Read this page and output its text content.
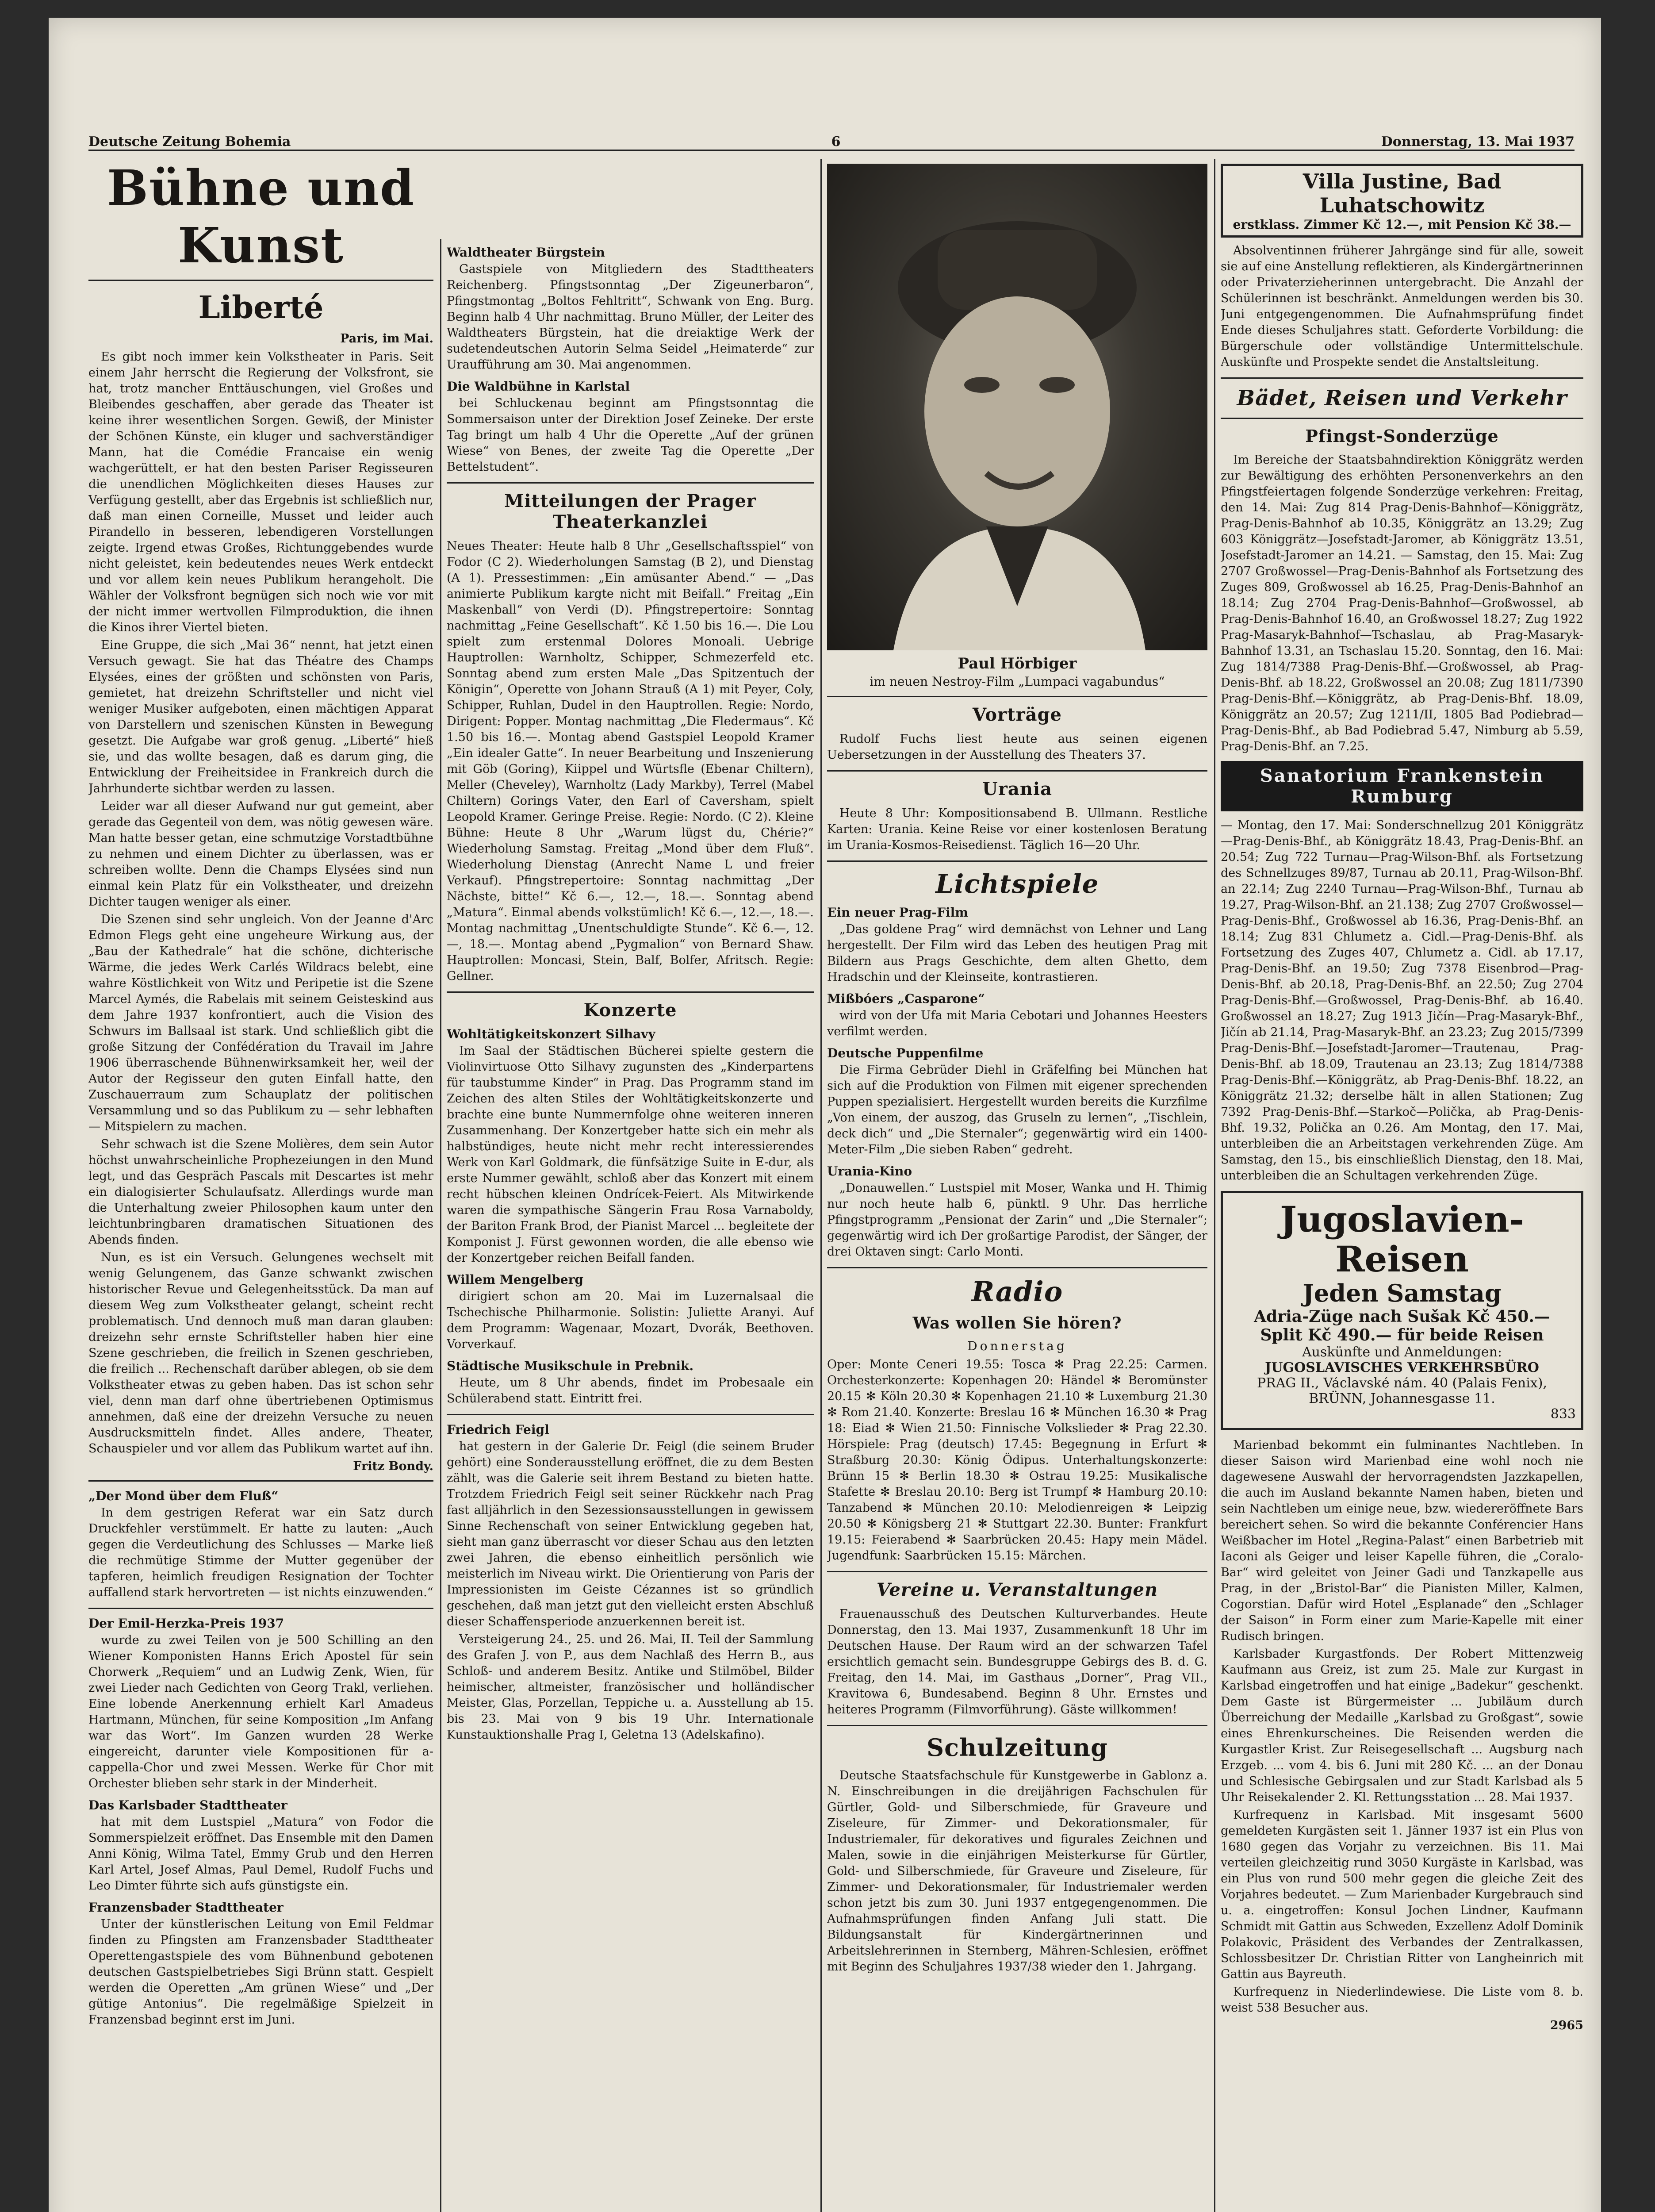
Deutsche Zeitung Bohemia	6	Donnerstag, 13. Mai 1937
Bühne und Kunst
Liberté
Paris, im Mai.

Es gibt noch immer kein Volkstheater in Paris. Seit einem Jahr herrscht die Regierung der Volksfront, sie hat, trotz mancher Enttäuschungen, viel Großes und Bleibendes geschaffen, aber gerade das Theater ist keine ihrer wesentlichen Sorgen. Gewiß, der Minister der Schönen Künste, ein kluger und sachverständiger Mann, hat die Comédie Francaise ein wenig wachgerüttelt, er hat den besten Pariser Regisseuren die unendlichen Möglichkeiten dieses Hauses zur Verfügung gestellt, aber das Ergebnis ist schließlich nur, daß man einen Corneille, Musset und leider auch Pirandello in besseren, lebendigeren Vorstellungen zeigte. Irgend etwas Großes, Richtunggebendes wurde nicht geleistet, kein bedeutendes neues Werk entdeckt und vor allem kein neues Publikum herangeholt. Die Wähler der Volksfront begnügen sich noch wie vor mit der nicht immer wertvollen Filmproduktion, die ihnen die Kinos ihrer Viertel bieten.

Eine Gruppe, die sich „Mai 36“ nennt, hat jetzt einen Versuch gewagt. Sie hat das Théatre des Champs Elysées, eines der größten und schönsten von Paris, gemietet, hat dreizehn Schriftsteller und nicht viel weniger Musiker aufgeboten, einen mächtigen Apparat von Darstellern und szenischen Künsten in Bewegung gesetzt. Die Aufgabe war groß genug. „Liberté“ hieß sie, und das wollte besagen, daß es darum ging, die Entwicklung der Freiheitsidee in Frankreich durch die Jahrhunderte sichtbar werden zu lassen.

Leider war all dieser Aufwand nur gut gemeint, aber gerade das Gegenteil von dem, was nötig gewesen wäre. Man hatte besser getan, eine schmutzige Vorstadtbühne zu nehmen und einem Dichter zu überlassen, was er schreiben wollte. Denn die Champs Elysées sind nun einmal kein Platz für ein Volkstheater, und dreizehn Dichter taugen weniger als einer.

Die Szenen sind sehr ungleich. Von der Jeanne d'Arc Edmon Flegs geht eine ungeheure Wirkung aus, der „Bau der Kathedrale“ hat die schöne, dichterische Wärme, die jedes Werk Carlés Wildracs belebt, eine wahre Köstlichkeit von Witz und Peripetie ist die Szene Marcel Aymés, die Rabelais mit seinem Geisteskind aus dem Jahre 1937 konfrontiert, auch die Vision des Schwurs im Ballsaal ist stark. Und schließlich gibt die große Sitzung der Confédération du Travail im Jahre 1906 überraschende Bühnenwirksamkeit her, weil der Autor der Regisseur den guten Einfall hatte, den Zuschauerraum zum Schauplatz der politischen Versammlung und so das Publikum zu — sehr lebhaften — Mitspielern zu machen.

Sehr schwach ist die Szene Molières, dem sein Autor höchst unwahrscheinliche Prophezeiungen in den Mund legt, und das Gespräch Pascals mit Descartes ist mehr ein dialogisierter Schulaufsatz. Allerdings wurde man die Unterhaltung zweier Philosophen kaum unter den leichtunbringbaren dramatischen Situationen des Abends finden.

Nun, es ist ein Versuch. Gelungenes wechselt mit wenig Gelungenem, das Ganze schwankt zwischen historischer Revue und Gelegenheitsstück. Da man auf diesem Weg zum Volkstheater gelangt, scheint recht problematisch. Und dennoch muß man daran glauben: dreizehn sehr ernste Schriftsteller haben hier eine Szene geschrieben, die freilich in Szenen geschrieben, die freilich ... Rechenschaft darüber ablegen, ob sie dem Volkstheater etwas zu geben haben. Das ist schon sehr viel, denn man darf ohne übertriebenen Optimismus annehmen, daß eine der dreizehn Versuche zu neuen Ausdrucksmitteln findet. Alles andere, Theater, Schauspieler und vor allem das Publikum wartet auf ihn.

Fritz Bondy.
„Der Mond über dem Fluß“

In dem gestrigen Referat war ein Satz durch Druckfehler verstümmelt. Er hatte zu lauten: „Auch gegen die Verdeutlichung des Schlusses — Marke ließ die rechmütige Stimme der Mutter gegenüber der tapferen, heimlich freudigen Resignation der Tochter auffallend stark hervortreten — ist nichts einzuwenden.“

Der Emil-Herzka-Preis 1937

wurde zu zwei Teilen von je 500 Schilling an den Wiener Komponisten Hanns Erich Apostel für sein Chorwerk „Requiem“ und an Ludwig Zenk, Wien, für zwei Lieder nach Gedichten von Georg Trakl, verliehen. Eine lobende Anerkennung erhielt Karl Amadeus Hartmann, München, für seine Komposition „Im Anfang war das Wort“. Im Ganzen wurden 28 Werke eingereicht, darunter viele Kompositionen für a-cappella-Chor und zwei Messen. Werke für Chor mit Orchester blieben sehr stark in der Minderheit.

Das Karlsbader Stadttheater

hat mit dem Lustspiel „Matura“ von Fodor die Sommerspielzeit eröffnet. Das Ensemble mit den Damen Anni König, Wilma Tatel, Emmy Grub und den Herren Karl Artel, Josef Almas, Paul Demel, Rudolf Fuchs und Leo Dimter führte sich aufs günstigste ein.

Franzensbader Stadttheater

Unter der künstlerischen Leitung von Emil Feldmar finden zu Pfingsten am Franzensbader Stadttheater Operettengastspiele des vom Bühnenbund gebotenen deutschen Gastspielbetriebes Sigi Brünn statt. Gespielt werden die Operetten „Am grünen Wiese“ und „Der gütige Antonius“. Die regelmäßige Spielzeit in Franzensbad beginnt erst im Juni.

Waldtheater Bürgstein

Gastspiele von Mitgliedern des Stadttheaters Reichenberg. Pfingstsonntag „Der Zigeunerbaron“, Pfingstmontag „Boltos Fehltritt“, Schwank von Eng. Burg. Beginn halb 4 Uhr nachmittag. Bruno Müller, der Leiter des Waldtheaters Bürgstein, hat die dreiaktige Werk der sudetendeutschen Autorin Selma Seidel „Heimaterde“ zur Uraufführung am 30. Mai angenommen.

Die Waldbühne in Karlstal

bei Schluckenau beginnt am Pfingstsonntag die Sommersaison unter der Direktion Josef Zeineke. Der erste Tag bringt um halb 4 Uhr die Operette „Auf der grünen Wiese“ von Benes, der zweite Tag die Operette „Der Bettelstudent“.

Mitteilungen der Prager Theaterkanzlei

Neues Theater: Heute halb 8 Uhr „Gesellschaftsspiel“ von Fodor (C 2). Wiederholungen Samstag (B 2), und Dienstag (A 1). Pressestimmen: „Ein amüsanter Abend.“ — „Das animierte Publikum kargte nicht mit Beifall.“ Freitag „Ein Maskenball“ von Verdi (D). Pfingstrepertoire: Sonntag nachmittag „Feine Gesellschaft“. Kč 1.50 bis 16.—. Die Lou spielt zum erstenmal Dolores Monoali. Uebrige Hauptrollen: Warnholtz, Schipper, Schmezerfeld etc. Sonntag abend zum ersten Male „Das Spitzentuch der Königin“, Operette von Johann Strauß (A 1) mit Peyer, Coly, Schipper, Ruhlan, Dudel in den Hauptrollen. Regie: Nordo, Dirigent: Popper. Montag nachmittag „Die Fledermaus“. Kč 1.50 bis 16.—. Montag abend Gastspiel Leopold Kramer „Ein idealer Gatte“. In neuer Bearbeitung und Inszenierung mit Göb (Goring), Kiippel und Würtsfle (Ebenar Chiltern), Meller (Cheveley), Warnholtz (Lady Markby), Terrel (Mabel Chiltern) Gorings Vater, den Earl of Caversham, spielt Leopold Kramer. Geringe Preise. Regie: Nordo. (C 2). Kleine Bühne: Heute 8 Uhr „Warum lügst du, Chérie?“ Wiederholung Samstag. Freitag „Mond über dem Fluß“. Wiederholung Dienstag (Anrecht Name L und freier Verkauf). Pfingstrepertoire: Sonntag nachmittag „Der Nächste, bitte!“ Kč 6.—, 12.—, 18.—. Sonntag abend „Matura“. Einmal abends volkstümlich! Kč 6.—, 12.—, 18.—. Montag nachmittag „Unentschuldigte Stunde“. Kč 6.—, 12.—, 18.—. Montag abend „Pygmalion“ von Bernard Shaw. Hauptrollen: Moncasi, Stein, Balf, Bolfer, Afritsch. Regie: Gellner.

Konzerte
Wohltätigkeitskonzert Silhavy

Im Saal der Städtischen Bücherei spielte gestern die Violinvirtuose Otto Silhavy zugunsten des „Kinderpartens für taubstumme Kinder“ in Prag. Das Programm stand im Zeichen des alten Stiles der Wohltätigkeitskonzerte und brachte eine bunte Nummernfolge ohne weiteren inneren Zusammenhang. Der Konzertgeber hatte sich ein mehr als halbstündiges, heute nicht mehr recht interessierendes Werk von Karl Goldmark, die fünfsätzige Suite in E-dur, als erste Nummer gewählt, schloß aber das Konzert mit einem recht hübschen kleinen Ondrícek-Feiert. Als Mitwirkende waren die sympathische Sängerin Frau Rosa Varnaboldy, der Bariton Frank Brod, der Pianist Marcel ... begleitete der Komponist J. Fürst gewonnen worden, die alle ebenso wie der Konzertgeber reichen Beifall fanden.

Willem Mengelberg

dirigiert schon am 20. Mai im Luzernalsaal die Tschechische Philharmonie. Solistin: Juliette Aranyi. Auf dem Programm: Wagenaar, Mozart, Dvorák, Beethoven. Vorverkauf.

Städtische Musikschule in Prebnik.

Heute, um 8 Uhr abends, findet im Probesaale ein Schülerabend statt. Eintritt frei.

Friedrich Feigl

hat gestern in der Galerie Dr. Feigl (die seinem Bruder gehört) eine Sonderausstellung eröffnet, die zu dem Besten zählt, was die Galerie seit ihrem Bestand zu bieten hatte. Trotzdem Friedrich Feigl seit seiner Rückkehr nach Prag fast alljährlich in den Sezessionsausstellungen in gewissem Sinne Rechenschaft von seiner Entwicklung gegeben hat, sieht man ganz überrascht vor dieser Schau aus den letzten zwei Jahren, die ebenso einheitlich persönlich wie meisterlich im Niveau wirkt. Die Orientierung von Paris der Impressionisten im Geiste Cézannes ist so gründlich geschehen, daß man jetzt gut den vielleicht ersten Abschluß dieser Schaffensperiode anzuerkennen bereit ist.

Versteigerung 24., 25. und 26. Mai, II. Teil der Sammlung des Grafen J. von P., aus dem Nachlaß des Herrn B., aus Schloß- und anderem Besitz. Antike und Stilmöbel, Bilder heimischer, altmeister, französischer und holländischer Meister, Glas, Porzellan, Teppiche u. a. Ausstellung ab 15. bis 23. Mai von 9 bis 19 Uhr. Internationale Kunstauktionshalle Prag I, Geletna 13 (Adelskafino).

Paul Hörbiger
im neuen Nestroy-Film „Lumpaci vagabundus“
Vorträge

Rudolf Fuchs liest heute aus seinen eigenen Uebersetzungen in der Ausstellung des Theaters 37.

Urania

Heute 8 Uhr: Kompositionsabend B. Ullmann. Restliche Karten: Urania. Keine Reise vor einer kostenlosen Beratung im Urania-Kosmos-Reisedienst. Täglich 16—20 Uhr.

Lichtspiele
Ein neuer Prag-Film

„Das goldene Prag“ wird demnächst von Lehner und Lang hergestellt. Der Film wird das Leben des heutigen Prag mit Bildern aus Prags Geschichte, dem alten Ghetto, dem Hradschin und der Kleinseite, kontrastieren.

Mißbóers „Casparone“

wird von der Ufa mit Maria Cebotari und Johannes Heesters verfilmt werden.

Deutsche Puppenfilme

Die Firma Gebrüder Diehl in Gräfelfing bei München hat sich auf die Produktion von Filmen mit eigener sprechenden Puppen spezialisiert. Hergestellt wurden bereits die Kurzfilme „Von einem, der auszog, das Gruseln zu lernen“, „Tischlein, deck dich“ und „Die Sternaler“; gegenwärtig wird ein 1400-Meter-Film „Die sieben Raben“ gedreht.

Urania-Kino

„Donauwellen.“ Lustspiel mit Moser, Wanka und H. Thimig nur noch heute halb 6, pünktl. 9 Uhr. Das herrliche Pfingstprogramm „Pensionat der Zarin“ und „Die Sternaler“; gegenwärtig wird ich Der großartige Parodist, der Sänger, der drei Oktaven singt: Carlo Monti.

Radio
Was wollen Sie hören?
Donnerstag

Oper: Monte Ceneri 19.55: Tosca ✻ Prag 22.25: Carmen. Orchesterkonzerte: Kopenhagen 20: Händel ✻ Beromünster 20.15 ✻ Köln 20.30 ✻ Kopenhagen 21.10 ✻ Luxemburg 21.30 ✻ Rom 21.40. Konzerte: Breslau 16 ✻ München 16.30 ✻ Prag 18: Eiad ✻ Wien 21.50: Finnische Volkslieder ✻ Prag 22.30. Hörspiele: Prag (deutsch) 17.45: Begegnung in Erfurt ✻ Straßburg 20.30: König Ödipus. Unterhaltungskonzerte: Brünn 15 ✻ Berlin 18.30 ✻ Ostrau 19.25: Musikalische Stafette ✻ Breslau 20.10: Berg ist Trumpf ✻ Hamburg 20.10: Tanzabend ✻ München 20.10: Melodienreigen ✻ Leipzig 20.50 ✻ Königsberg 21 ✻ Stuttgart 22.30. Bunter: Frankfurt 19.15: Feierabend ✻ Saarbrücken 20.45: Hapy mein Mädel. Jugendfunk: Saarbrücken 15.15: Märchen.

Vereine u. Veranstaltungen

Frauenausschuß des Deutschen Kulturverbandes. Heute Donnerstag, den 13. Mai 1937, Zusammenkunft 18 Uhr im Deutschen Hause. Der Raum wird an der schwarzen Tafel ersichtlich gemacht sein. Bundesgruppe Gebirgs des B. d. G. Freitag, den 14. Mai, im Gasthaus „Dorner“, Prag VII., Kravitowa 6, Bundesabend. Beginn 8 Uhr. Ernstes und heiteres Programm (Filmvorführung). Gäste willkommen!

Schulzeitung

Deutsche Staatsfachschule für Kunstgewerbe in Gablonz a. N. Einschreibungen in die dreijährigen Fachschulen für Gürtler, Gold- und Silberschmiede, für Graveure und Ziseleure, für Zimmer- und Dekorationsmaler, für Industriemaler, für dekoratives und figurales Zeichnen und Malen, sowie in die einjährigen Meisterkurse für Gürtler, Gold- und Silberschmiede, für Graveure und Ziseleure, für Zimmer- und Dekorationsmaler, für Industriemaler werden schon jetzt bis zum 30. Juni 1937 entgegengenommen. Die Aufnahmsprüfungen finden Anfang Juli statt. Die Bildungsanstalt für Kindergärtnerinnen und Arbeitslehrerinnen in Sternberg, Mähren-Schlesien, eröffnet mit Beginn des Schuljahres 1937/38 wieder den 1. Jahrgang.

Villa Justine, Bad Luhatschowitz
erstklass. Zimmer Kč 12.—, mit Pension Kč 38.—

Absolventinnen früherer Jahrgänge sind für alle, soweit sie auf eine Anstellung reflektieren, als Kindergärtnerinnen oder Privaterzieherinnen untergebracht. Die Anzahl der Schülerinnen ist beschränkt. Anmeldungen werden bis 30. Juni entgegengenommen. Die Aufnahmsprüfung findet Ende dieses Schuljahres statt. Geforderte Vorbildung: die Bürgerschule oder vollständige Untermittelschule. Auskünfte und Prospekte sendet die Anstaltsleitung.

Bädet, Reisen und Verkehr
Pfingst-Sonderzüge

Im Bereiche der Staatsbahndirektion Königgrätz werden zur Bewältigung des erhöhten Personenverkehrs an den Pfingstfeiertagen folgende Sonderzüge verkehren: Freitag, den 14. Mai: Zug 814 Prag-Denis-Bahnhof—Königgrätz, Prag-Denis-Bahnhof ab 10.35, Königgrätz an 13.29; Zug 603 Königgrätz—Josefstadt-Jaromer, ab Königgrätz 13.51, Josefstadt-Jaromer an 14.21. — Samstag, den 15. Mai: Zug 2707 Großwossel—Prag-Denis-Bahnhof als Fortsetzung des Zuges 809, Großwossel ab 16.25, Prag-Denis-Bahnhof an 18.14; Zug 2704 Prag-Denis-Bahnhof—Großwossel, ab Prag-Denis-Bahnhof 16.40, an Großwossel 18.27; Zug 1922 Prag-Masaryk-Bahnhof—Tschaslau, ab Prag-Masaryk-Bahnhof 13.31, an Tschaslau 15.20. Sonntag, den 16. Mai: Zug 1814/7388 Prag-Denis-Bhf.—Großwossel, ab Prag-Denis-Bhf. ab 18.22, Großwossel an 20.08; Zug 1811/7390 Prag-Denis-Bhf.—Königgrätz, ab Prag-Denis-Bhf. 18.09, Königgrätz an 20.57; Zug 1211/II, 1805 Bad Podiebrad—Prag-Denis-Bhf., ab Bad Podiebrad 5.47, Nimburg ab 5.59, Prag-Denis-Bhf. an 7.25.

Sanatorium Frankenstein Rumburg

— Montag, den 17. Mai: Sonderschnellzug 201 Königgrätz—Prag-Denis-Bhf., ab Königgrätz 18.43, Prag-Denis-Bhf. an 20.54; Zug 722 Turnau—Prag-Wilson-Bhf. als Fortsetzung des Schnellzuges 89/87, Turnau ab 20.11, Prag-Wilson-Bhf. an 22.14; Zug 2240 Turnau—Prag-Wilson-Bhf., Turnau ab 19.27, Prag-Wilson-Bhf. an 21.138; Zug 2707 Großwossel—Prag-Denis-Bhf., Großwossel ab 16.36, Prag-Denis-Bhf. an 18.14; Zug 831 Chlumetz a. Cidl.—Prag-Denis-Bhf. als Fortsetzung des Zuges 407, Chlumetz a. Cidl. ab 17.17, Prag-Denis-Bhf. an 19.50; Zug 7378 Eisenbrod—Prag-Denis-Bhf. ab 20.18, Prag-Denis-Bhf. an 22.50; Zug 2704 Prag-Denis-Bhf.—Großwossel, Prag-Denis-Bhf. ab 16.40. Großwossel an 18.27; Zug 1913 Jičín—Prag-Masaryk-Bhf., Jičín ab 21.14, Prag-Masaryk-Bhf. an 23.23; Zug 2015/7399 Prag-Denis-Bhf.—Josefstadt-Jaromer—Trautenau, Prag-Denis-Bhf. ab 18.09, Trautenau an 23.13; Zug 1814/7388 Prag-Denis-Bhf.—Königgrätz, ab Prag-Denis-Bhf. 18.22, an Königgrätz 21.32; derselbe hält in allen Stationen; Zug 7392 Prag-Denis-Bhf.—Starkoč—Polička, ab Prag-Denis-Bhf. 19.32, Polička an 0.26. Am Montag, den 17. Mai, unterbleiben die an Arbeitstagen verkehrenden Züge. Am Samstag, den 15., bis einschließlich Dienstag, den 18. Mai, unterbleiben die an Schultagen verkehrenden Züge.

Jugoslavien-Reisen
Jeden Samstag
Adria-Züge nach Sušak Kč 450.—
Split Kč 490.— für beide Reisen
Auskünfte und Anmeldungen:
JUGOSLAVISCHES VERKEHRSBÜRO
PRAG II., Václavské nám. 40 (Palais Fenix),
BRÜNN, Johannesgasse 11.
833

Marienbad bekommt ein fulminantes Nachtleben. In dieser Saison wird Marienbad eine wohl noch nie dagewesene Auswahl der hervorragendsten Jazzkapellen, die auch im Ausland bekannte Namen haben, bieten und sein Nachtleben um einige neue, bzw. wiedereröffnete Bars bereichert sehen. So wird die bekannte Conférencier Hans Weißbacher im Hotel „Regina-Palast“ einen Barbetrieb mit Iaconi als Geiger und leiser Kapelle führen, die „Coralo-Bar“ wird geleitet von Jeiner Gadi und Tanzkapelle aus Prag, in der „Bristol-Bar“ die Pianisten Miller, Kalmen, Cogorstian. Dafür wird Hotel „Esplanade“ den „Schlager der Saison“ in Form einer zum Marie-Kapelle mit einer Rudisch bringen.

Karlsbader Kurgastfonds. Der Robert Mittenzweig Kaufmann aus Greiz, ist zum 25. Male zur Kurgast in Karlsbad eingetroffen und hat einige „Badekur“ geschenkt. Dem Gaste ist Bürgermeister ... Jubiläum durch Überreichung der Medaille „Karlsbad zu Großgast“, sowie eines Ehrenkurscheines. Die Reisenden werden die Kurgastler Krist. Zur Reisegesellschaft ... Augsburg nach Erzgeb. ... vom 4. bis 6. Juni mit 280 Kč. ... an der Donau und Schlesische Gebirgsalen und zur Stadt Karlsbad als 5 Uhr Reisekalender 2. Kl. Rettungsstation ... 28. Mai 1937.

Kurfrequenz in Karlsbad. Mit insgesamt 5600 gemeldeten Kurgästen seit 1. Jänner 1937 ist ein Plus von 1680 gegen das Vorjahr zu verzeichnen. Bis 11. Mai verteilen gleichzeitig rund 3050 Kurgäste in Karlsbad, was ein Plus von rund 500 mehr gegen die gleiche Zeit des Vorjahres bedeutet. — Zum Marienbader Kurgebrauch sind u. a. eingetroffen: Konsul Jochen Lindner, Kaufmann Schmidt mit Gattin aus Schweden, Exzellenz Adolf Dominik Polakovic, Präsident des Verbandes der Zentralkassen, Schlossbesitzer Dr. Christian Ritter von Langheinrich mit Gattin aus Bayreuth.

Kurfrequenz in Niederlindewiese. Die Liste vom 8. b. weist 538 Besucher aus.

2965
